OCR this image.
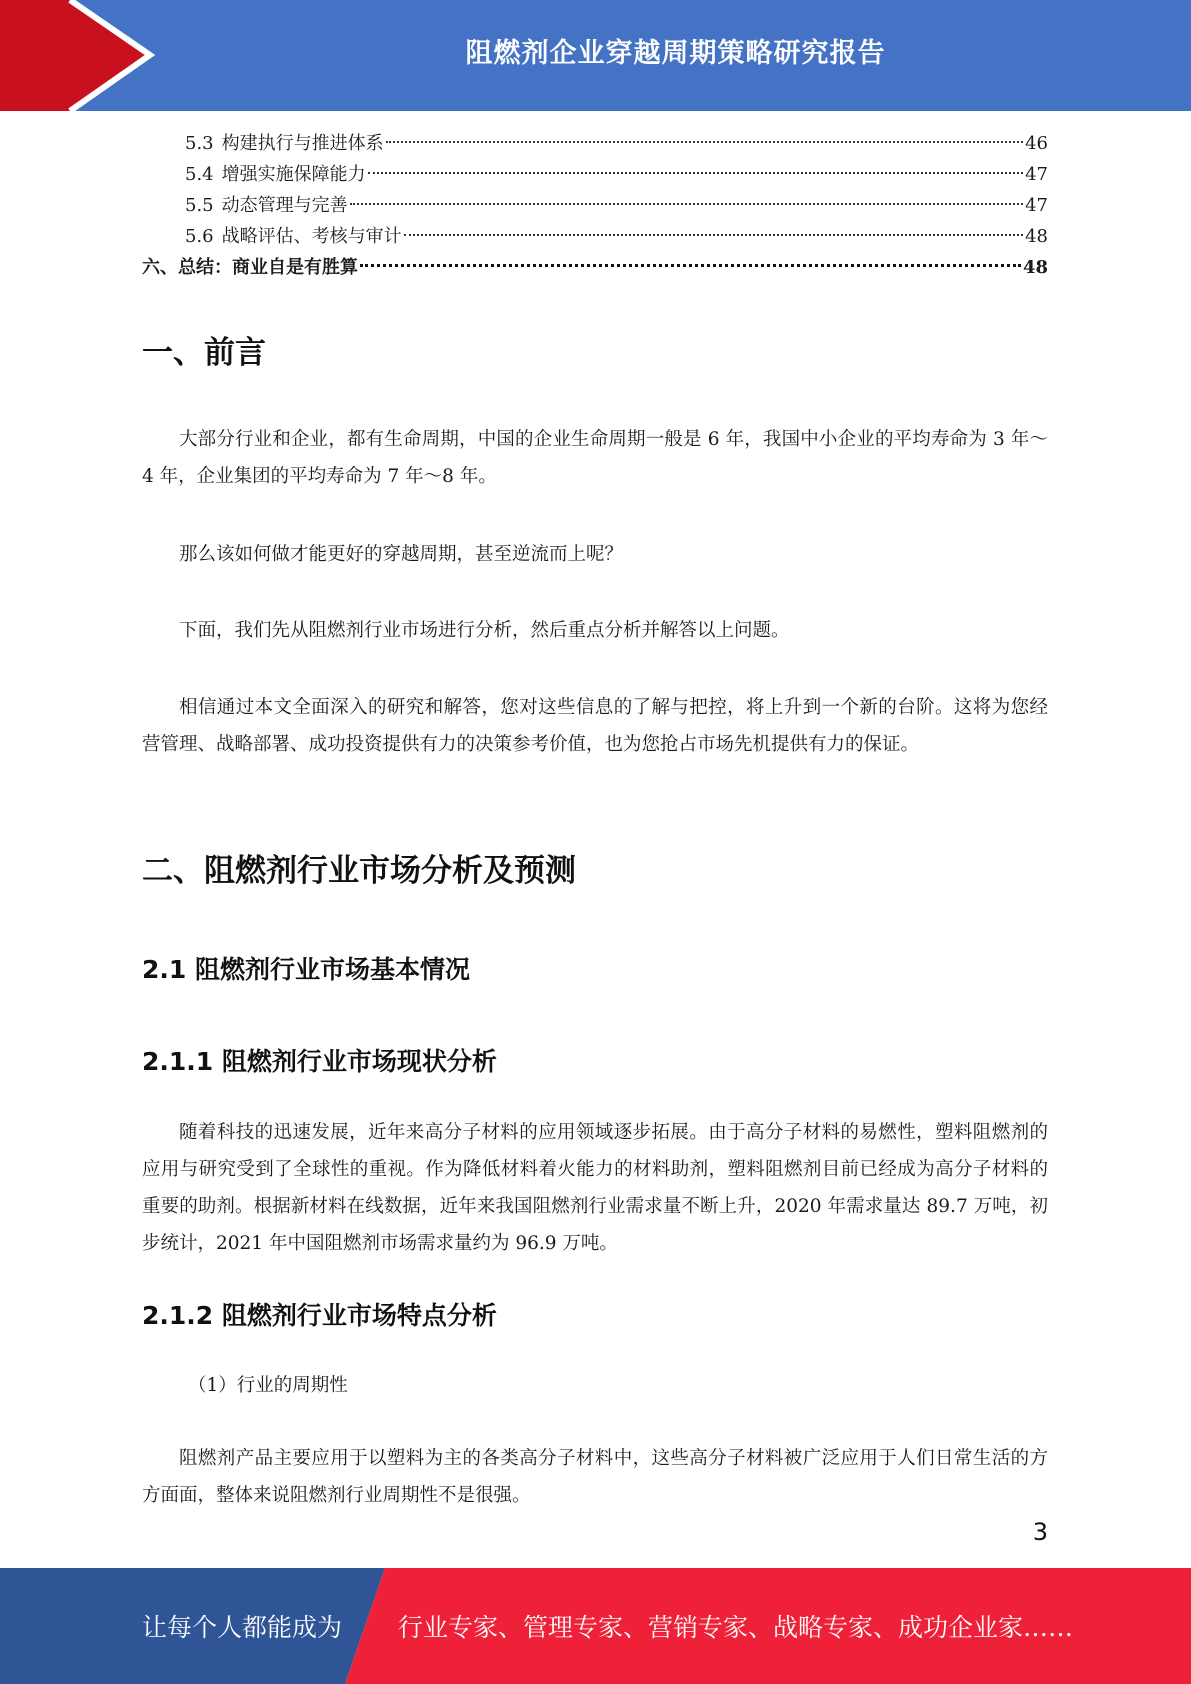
阻燃剂企业穿越周期策略研究报告
5.3 构建执行与推进体系	46
5.4 增强实施保障能力	47
5.5 动态管理与完善	47
5.6 战略评估、考核与审计	48
六、总结：商业自是有胜算	48
一、前言

大部分行业和企业，都有生命周期，中国的企业生命周期一般是 6 年，我国中小企业的平均寿命为 3 年～4 年，企业集团的平均寿命为 7 年～8 年。

那么该如何做才能更好的穿越周期，甚至逆流而上呢？

下面，我们先从阻燃剂行业市场进行分析，然后重点分析并解答以上问题。

相信通过本文全面深入的研究和解答，您对这些信息的了解与把控，将上升到一个新的台阶。这将为您经营管理、战略部署、成功投资提供有力的决策参考价值，也为您抢占市场先机提供有力的保证。

二、阻燃剂行业市场分析及预测
2.1 阻燃剂行业市场基本情况
2.1.1 阻燃剂行业市场现状分析

随着科技的迅速发展，近年来高分子材料的应用领域逐步拓展。由于高分子材料的易燃性，塑料阻燃剂的应用与研究受到了全球性的重视。作为降低材料着火能力的材料助剂，塑料阻燃剂目前已经成为高分子材料的重要的助剂。根据新材料在线数据，近年来我国阻燃剂行业需求量不断上升，2020 年需求量达 89.7 万吨，初步统计，2021 年中国阻燃剂市场需求量约为 96.9 万吨。

2.1.2 阻燃剂行业市场特点分析
（1）行业的周期性

阻燃剂产品主要应用于以塑料为主的各类高分子材料中，这些高分子材料被广泛应用于人们日常生活的方方面面，整体来说阻燃剂行业周期性不是很强。

3
让每个人都能成为 行业专家、管理专家、营销专家、战略专家、成功企业家……
